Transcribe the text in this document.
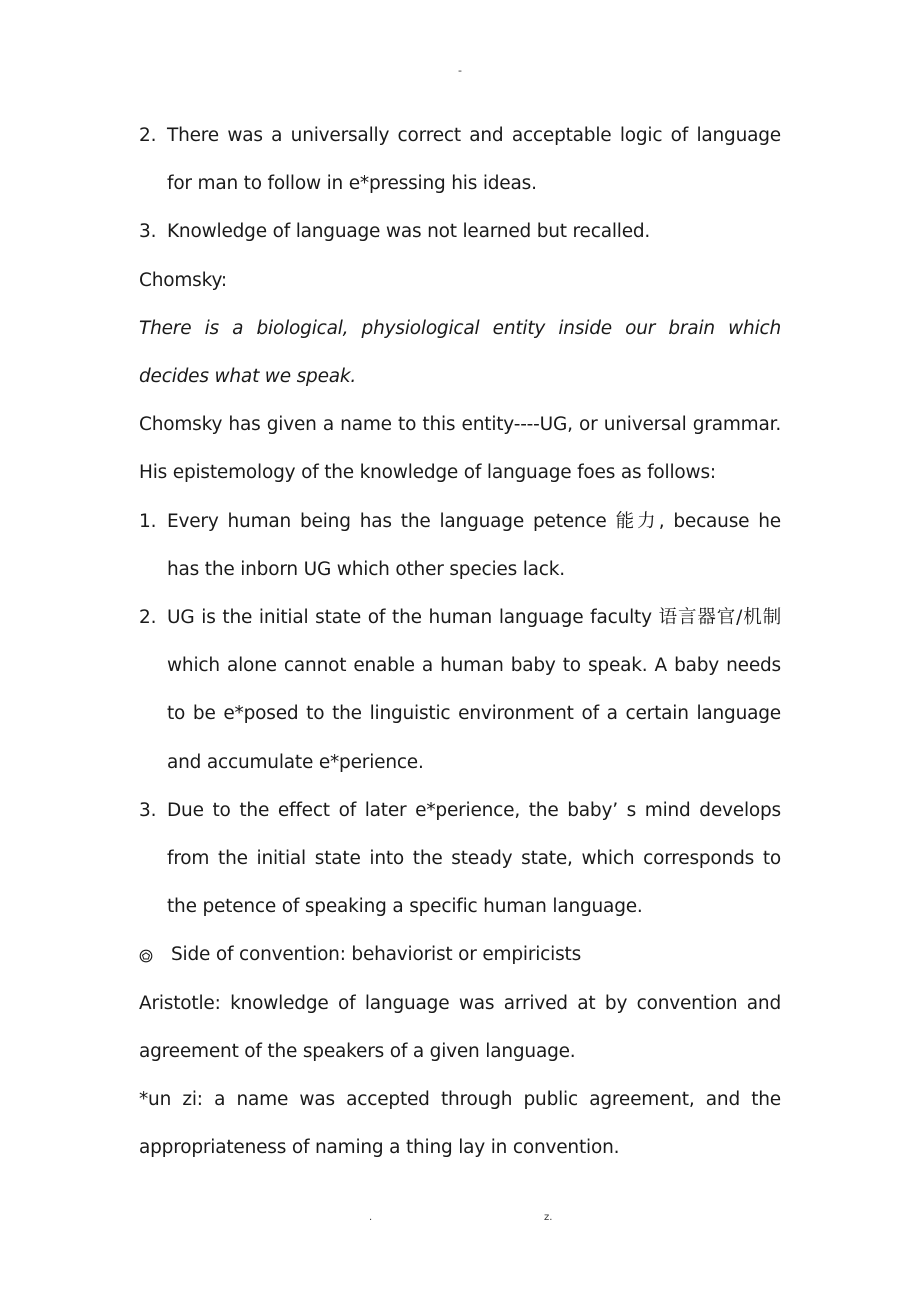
-
2. There was a universally correct and acceptable logic of language for man to follow in e*pressing his ideas.
3. Knowledge of language was not learned but recalled.

Chomsky:

There is a biological, physiological entity inside our brain which decides what we speak.

Chomsky has given a name to this entity----UG, or universal grammar. His epistemology of the knowledge of language foes as follows:

1. Every human being has the language petence 能力, because he has the inborn UG which other species lack.
2. UG is the initial state of the human language faculty 语言器官/机制 which alone cannot enable a human baby to speak. A baby needs to be e*posed to the linguistic environment of a certain language and accumulate e*perience.
3. Due to the effect of later e*perience, the baby’ s mind develops from the initial state into the steady state, which corresponds to the petence of speaking a specific human language.
Side of convention: behaviorist or empiricists

Aristotle: knowledge of language was arrived at by convention and agreement of the speakers of a given language.

*un zi: a name was accepted through public agreement, and the appropriateness of naming a thing lay in convention.

.	z.
